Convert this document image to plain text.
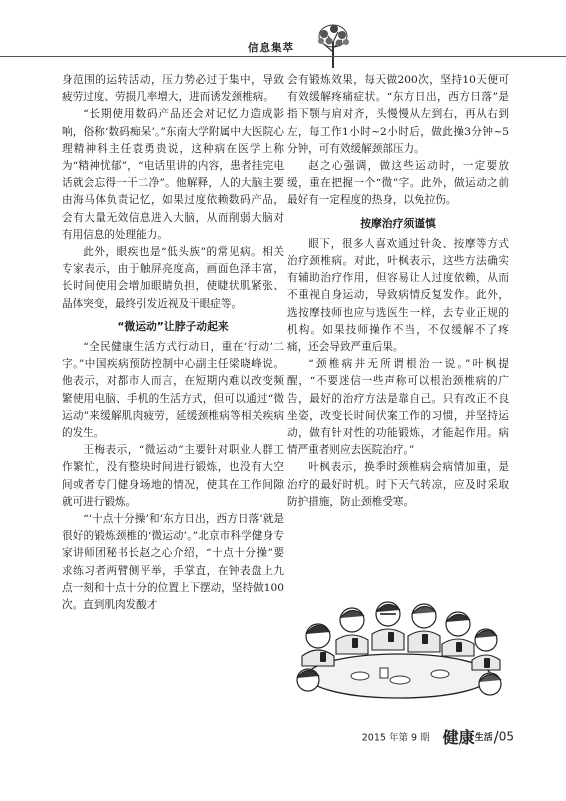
信息集萃

身范围的运转活动，压力势必过于集中，导致疲劳过度、劳损几率增大，进而诱发颈椎病。

“长期使用数码产品还会对记忆力造成影响，俗称‘数码痴呆’。”东南大学附属中大医院心理精神科主任袁勇贵说，这种病在医学上称为“精神忧郁”，“电话里讲的内容，患者挂完电话就会忘得一干二净”。他解释，人的大脑主要由海马体负责记忆，如果过度依赖数码产品，会有大量无效信息进入大脑，从而削弱大脑对有用信息的处理能力。

此外，眼疾也是“低头族”的常见病。相关专家表示，由于触屏亮度高，画面色泽丰富，长时间使用会增加眼睛负担，使睫状肌紧张、晶体突变，最终引发近视及干眼症等。

“微运动”让脖子动起来

“全民健康生活方式行动日，重在‘行动’二字。”中国疾病预防控制中心副主任梁晓峰说。他表示，对都市人而言，在短期内难以改变频繁使用电脑、手机的生活方式，但可以通过“微运动”来缓解肌肉疲劳，延缓颈椎病等相关疾病的发生。

王梅表示，“微运动”主要针对职业人群工作繁忙，没有整块时间进行锻炼，也没有大空间或者专门健身场地的情况，使其在工作间隙就可进行锻炼。

“‘十点十分操’和‘东方日出，西方日落’就是很好的锻炼颈椎的‘微运动’。”北京市科学健身专家讲师团秘书长赵之心介绍，“十点十分操”要求练习者两臂侧平举，手掌直，在钟表盘上九点一刻和十点十分的位置上下摆动，坚持做100次。直到肌肉发酸才

会有锻炼效果，每天做200次，坚持10天便可有效缓解疼痛症状。“东方日出，西方日落”是指下颚与肩对齐，头慢慢从左到右，再从右到左，每工作1小时~2小时后，做此操3分钟~5分钟，可有效缓解颈部压力。

赵之心强调，做这些运动时，一定要放缓，重在把握一个“微”字。此外，做运动之前最好有一定程度的热身，以免拉伤。

按摩治疗须谨慎

眼下，很多人喜欢通过针灸、按摩等方式治疗颈椎病。对此，叶枫表示，这些方法确实有辅助治疗作用，但容易让人过度依赖，从而不重视自身运动，导致病情反复发作。此外，选按摩技师也应与选医生一样，去专业正规的机构。如果技师操作不当，不仅缓解不了疼痛，还会导致严重后果。

“颈椎病并无所谓根治一说。”叶枫提醒，“不要迷信一些声称可以根治颈椎病的广告，最好的治疗方法是靠自己。只有改正不良坐姿，改变长时间伏案工作的习惯，并坚持运动，做有针对性的功能锻炼，才能起作用。病情严重者则应去医院治疗。”

叶枫表示，换季时颈椎病会病情加重，是治疗的最好时机。时下天气转凉，应及时采取防护措施，防止颈椎受寒。

2015 年第 9 期 健康生活/05
